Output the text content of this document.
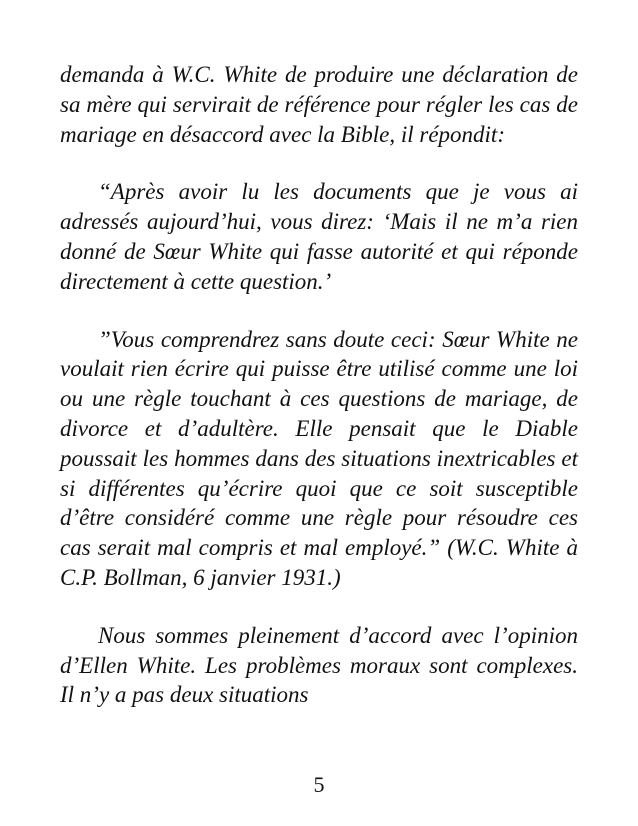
demanda à W.C. White de produire une déclaration de sa mère qui servirait de référence pour régler les cas de mariage en désaccord avec la Bible, il répondit:

“Après avoir lu les documents que je vous ai adressés aujourd’hui, vous direz: ‘Mais il ne m’a rien donné de Sœur White qui fasse autorité et qui réponde directement à cette question.’

”Vous comprendrez sans doute ceci: Sœur White ne voulait rien écrire qui puisse être utilisé comme une loi ou une règle touchant à ces questions de mariage, de divorce et d’adultère. Elle pensait que le Diable poussait les hommes dans des situations inextricables et si différentes qu’écrire quoi que ce soit susceptible d’être considéré comme une règle pour résoudre ces cas serait mal compris et mal employé.” (W.C. White à C.P. Bollman, 6 janvier 1931.)

Nous sommes pleinement d’accord avec l’opinion d’Ellen White. Les problèmes moraux sont complexes. Il n’y a pas deux situations

5
